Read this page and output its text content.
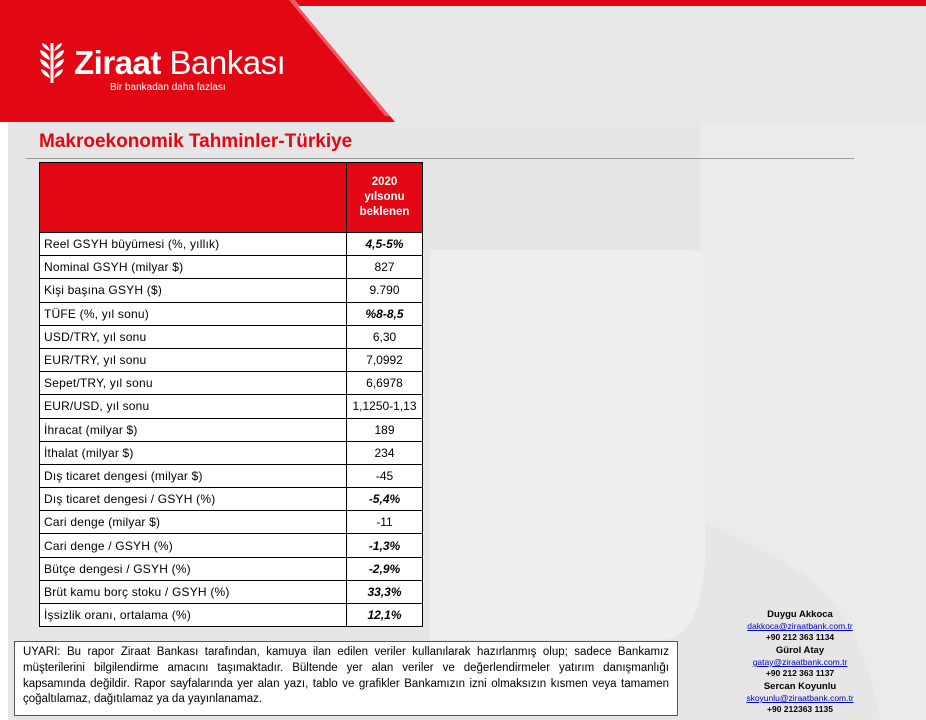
Ziraat Bankası
Bir bankadan daha fazlası
Makroekonomik Tahminler-Türkiye

	2020
yılsonu
beklenen

Reel GSYH büyümesi (%, yıllık)	4,5-5%
Nominal GSYH (milyar $)	827
Kişi başına GSYH ($)	9.790
TÜFE (%, yıl sonu)	%8-8,5
USD/TRY, yıl sonu	6,30
EUR/TRY, yıl sonu	7,0992
Sepet/TRY, yıl sonu	6,6978
EUR/USD, yıl sonu	1,1250-1,13
İhracat (milyar $)	189
İthalat (milyar $)	234
Dış ticaret dengesi (milyar $)	-45
Dış ticaret dengesi / GSYH (%)	-5,4%
Cari denge (milyar $)	-11
Cari denge / GSYH (%)	-1,3%
Bütçe dengesi / GSYH (%)	-2,9%
Brüt kamu borç stoku / GSYH (%)	33,3%
İşsizlik oranı, ortalama (%)	12,1%
UYARI: Bu rapor Ziraat Bankası tarafından, kamuya ilan edilen veriler kullanılarak hazırlanmış olup; sadece Bankamız müşterilerini bilgilendirme amacını taşımaktadır. Bültende yer alan veriler ve değerlendirmeler yatırım danışmanlığı kapsamında değildir. Rapor sayfalarında yer alan yazı, tablo ve grafikler Bankamızın izni olmaksızın kısmen veya tamamen çoğaltılamaz, dağıtılamaz ya da yayınlanamaz.
Duygu Akkoca
dakkoca@ziraatbank.com.tr
+90 212 363 1134
Gürol Atay
gatay@ziraatbank.com.tr
+90 212 363 1137
Sercan Koyunlu
skoyunlu@ziraatbank.com.tr
+90 212363 1135
